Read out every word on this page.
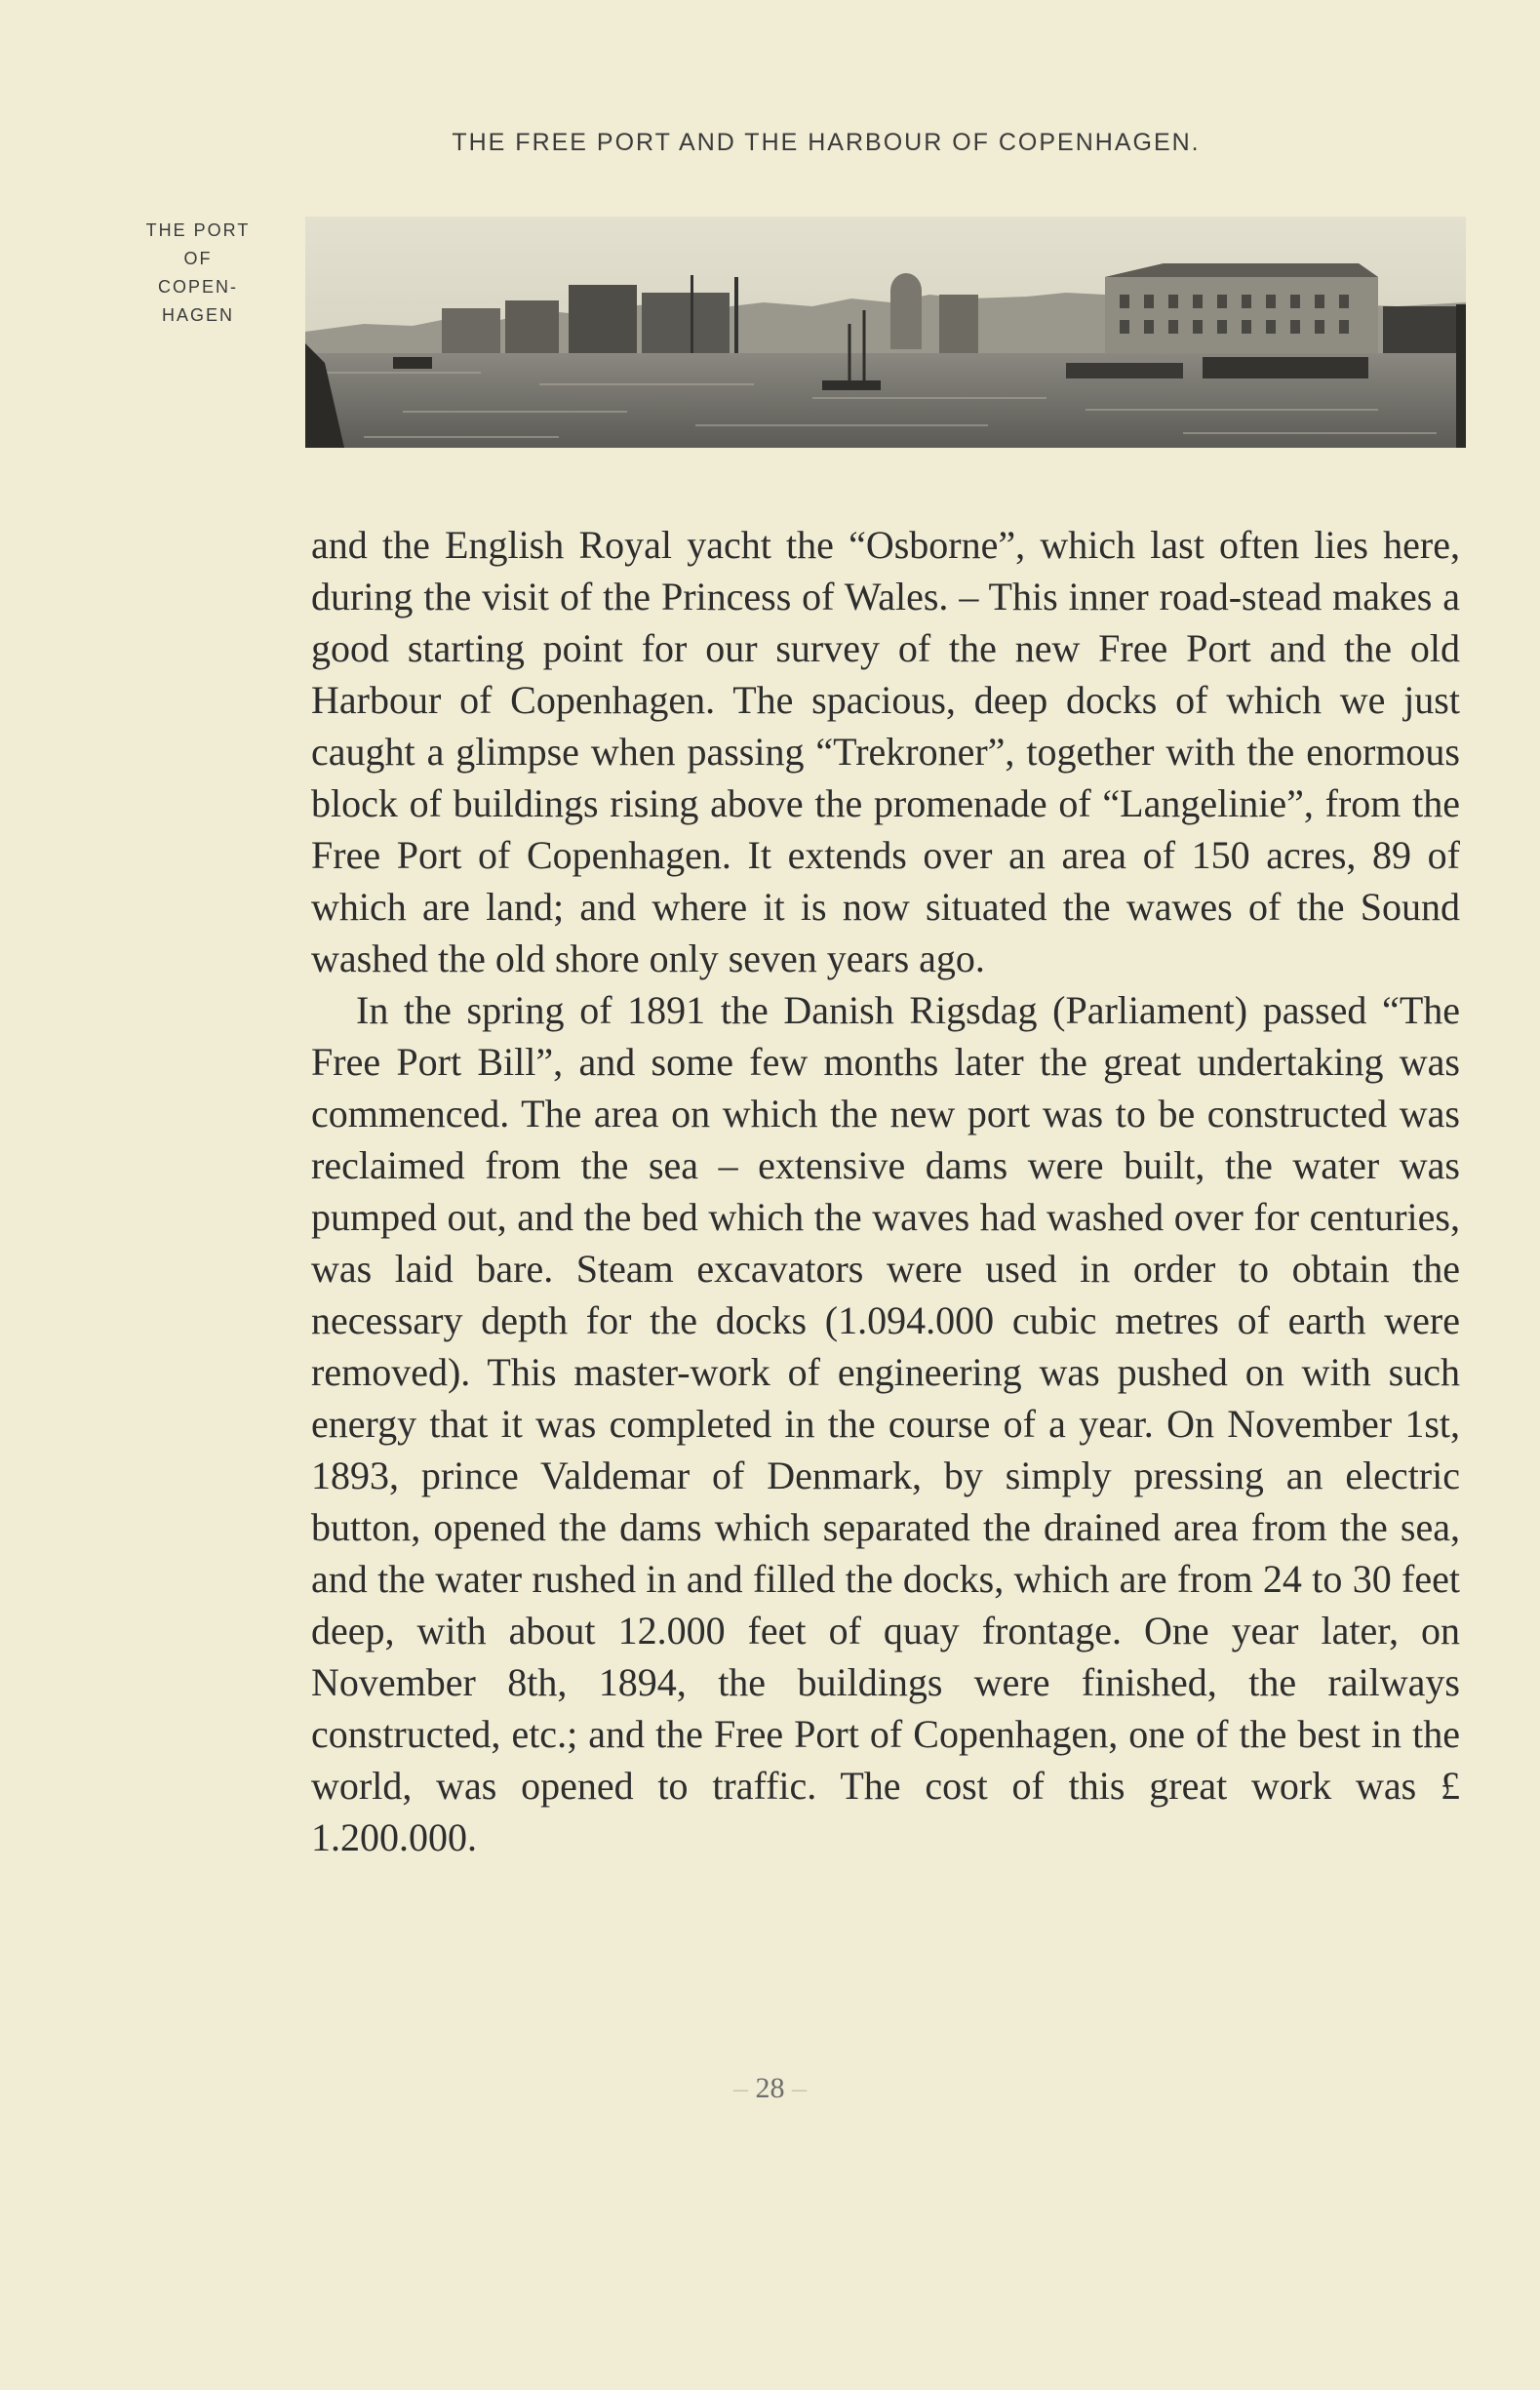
THE FREE PORT AND THE HARBOUR OF COPENHAGEN.
THE PORT
OF
COPEN-
HAGEN

and the English Royal yacht the “Osborne”, which last often lies here, during the visit of the Princess of Wales. – This inner road-stead makes a good starting point for our survey of the new Free Port and the old Harbour of Copenhagen. The spacious, deep docks of which we just caught a glimpse when passing “Trekroner”, together with the enormous block of buildings rising above the promenade of “Langelinie”, from the Free Port of Copenhagen. It extends over an area of 150 acres, 89 of which are land; and where it is now situated the wawes of the Sound washed the old shore only seven years ago.

In the spring of 1891 the Danish Rigsdag (Parliament) passed “The Free Port Bill”, and some few months later the great undertaking was commenced. The area on which the new port was to be constructed was reclaimed from the sea – extensive dams were built, the water was pumped out, and the bed which the waves had washed over for centuries, was laid bare. Steam excavators were used in order to obtain the necessary depth for the docks (1.094.000 cubic metres of earth were removed). This master-work of engineering was pushed on with such energy that it was completed in the course of a year. On November 1st, 1893, prince Valdemar of Denmark, by simply pressing an electric button, opened the dams which separated the drained area from the sea, and the water rushed in and filled the docks, which are from 24 to 30 feet deep, with about 12.000 feet of quay frontage. One year later, on November 8th, 1894, the buildings were finished, the railways constructed, etc.; and the Free Port of Copenhagen, one of the best in the world, was opened to traffic. The cost of this great work was £ 1.200.000.

– 28 –
